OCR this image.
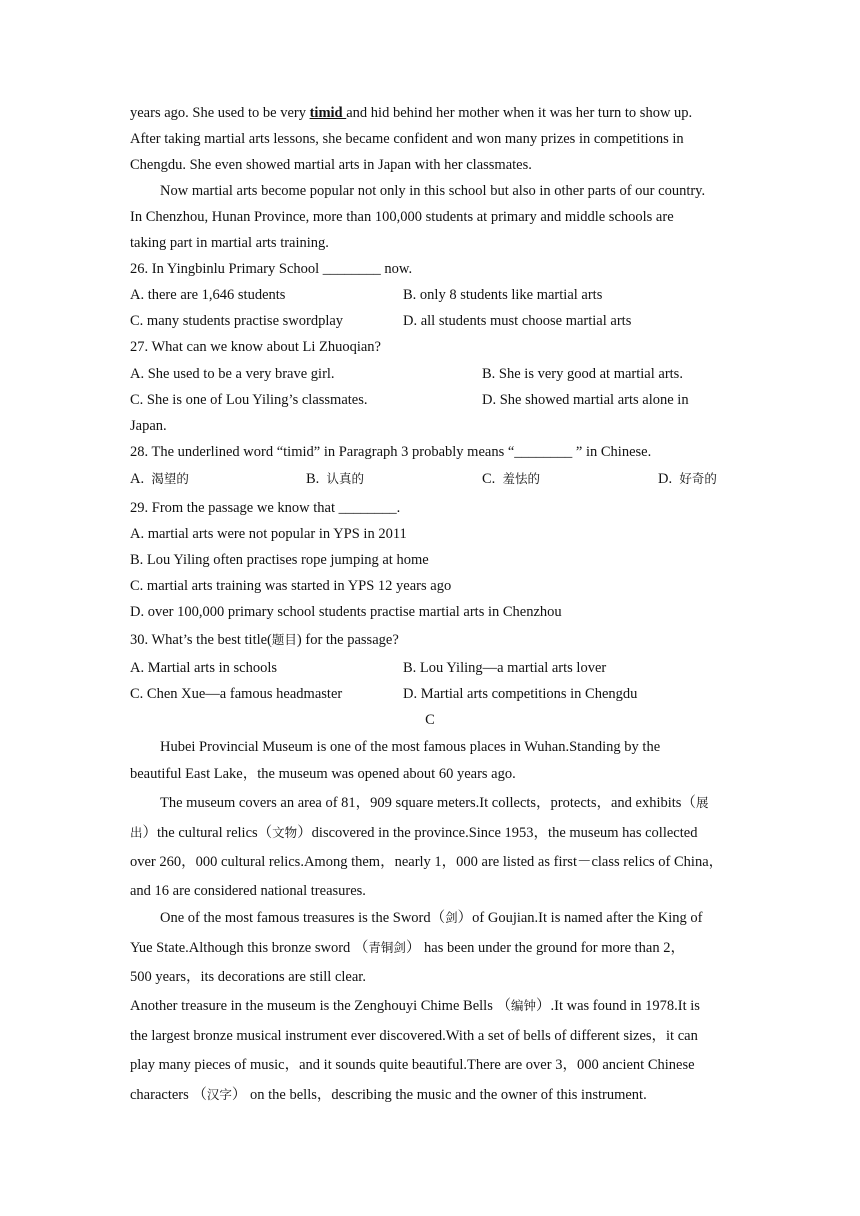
years ago. She used to be very timid and hid behind her mother when it was her turn to show up.
After taking martial arts lessons, she became confident and won many prizes in competitions in
Chengdu. She even showed martial arts in Japan with her classmates.
Now martial arts become popular not only in this school but also in other parts of our country.
In Chenzhou, Hunan Province, more than 100,000 students at primary and middle schools are
taking part in martial arts training.
26. In Yingbinlu Primary School ________ now.
A. there are 1,646 students	B. only 8 students like martial arts
C. many students practise swordplay	D. all students must choose martial arts
27. What can we know about Li Zhuoqian?
A. She used to be a very brave girl.	B. She is very good at martial arts.
C. She is one of Lou Yiling’s classmates.	D. She showed martial arts alone in
Japan.
28. The underlined word “timid” in Paragraph 3 probably means “________ ” in Chinese.
A. 渴望的	B. 认真的	C. 羞怯的	D. 好奇的
29. From the passage we know that ________.
A. martial arts were not popular in YPS in 2011
B. Lou Yiling often practises rope jumping at home
C. martial arts training was started in YPS 12 years ago
D. over 100,000 primary school students practise martial arts in Chenzhou
30. What’s the best title(题目) for the passage?
A. Martial arts in schools	B. Lou Yiling—a martial arts lover
C. Chen Xue—a famous headmaster	D. Martial arts competitions in Chengdu
C
Hubei Provincial Museum is one of the most famous places in Wuhan.Standing by the
beautiful East Lake，the museum was opened about 60 years ago.
The museum covers an area of 81，909 square meters.It collects，protects，and exhibits（展
出）the cultural relics（文物）discovered in the province.Since 1953，the museum has collected
over 260，000 cultural relics.Among them，nearly 1，000 are listed as first－class relics of China，
and 16 are considered national treasures.
One of the most famous treasures is the Sword（剑）of Goujian.It is named after the King of
Yue State.Although this bronze sword （青铜剑） has been under the ground for more than 2，
500 years，its decorations are still clear.
Another treasure in the museum is the Zenghouyi Chime Bells （编钟）.It was found in 1978.It is
the largest bronze musical instrument ever discovered.With a set of bells of different sizes，it can
play many pieces of music，and it sounds quite beautiful.There are over 3，000 ancient Chinese
characters （汉字） on the bells，describing the music and the owner of this instrument.
